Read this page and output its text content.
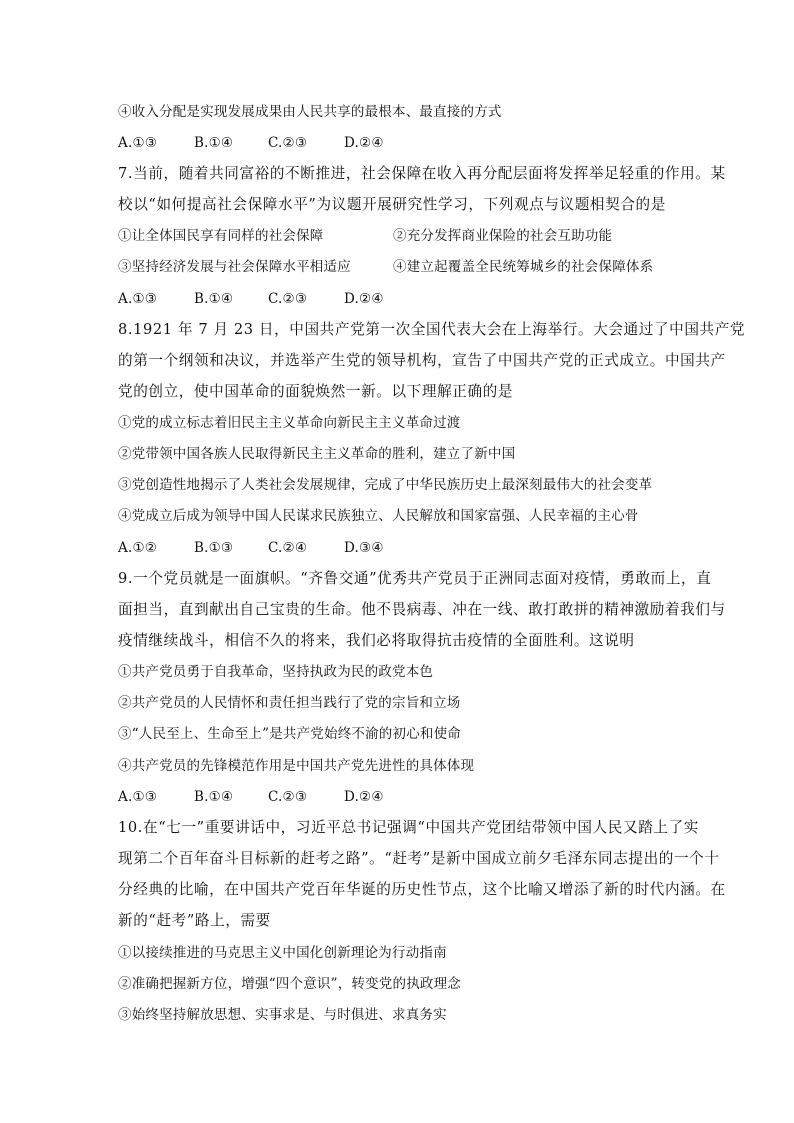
④收入分配是实现发展成果由人民共享的最根本、最直接的方式
A.①③	B.①④	C.②③	D.②④
7.当前，随着共同富裕的不断推进，社会保障在收入再分配层面将发挥举足轻重的作用。某
校以“如何提高社会保障水平”为议题开展研究性学习，下列观点与议题相契合的是
①让全体国民享有同样的社会保障	②充分发挥商业保险的社会互助功能
③坚持经济发展与社会保障水平相适应	④建立起覆盖全民统筹城乡的社会保障体系
A.①③	B.①④	C.②③	D.②④
8.1921 年 7 月 23 日，中国共产党第一次全国代表大会在上海举行。大会通过了中国共产党
的第一个纲领和决议，并选举产生党的领导机构，宣告了中国共产党的正式成立。中国共产
党的创立，使中国革命的面貌焕然一新。以下理解正确的是
①党的成立标志着旧民主主义革命向新民主主义革命过渡
②党带领中国各族人民取得新民主主义革命的胜利，建立了新中国
③党创造性地揭示了人类社会发展规律，完成了中华民族历史上最深刻最伟大的社会变革
④党成立后成为领导中国人民谋求民族独立、人民解放和国家富强、人民幸福的主心骨
A.①②	B.①③	C.②④	D.③④
9.一个党员就是一面旗帜。“齐鲁交通”优秀共产党员于正洲同志面对疫情，勇敢而上，直
面担当，直到献出自己宝贵的生命。他不畏病毒、冲在一线、敢打敢拼的精神激励着我们与
疫情继续战斗，相信不久的将来，我们必将取得抗击疫情的全面胜利。这说明
①共产党员勇于自我革命，坚持执政为民的政党本色
②共产党员的人民情怀和责任担当践行了党的宗旨和立场
③“人民至上、生命至上”是共产党始终不渝的初心和使命
④共产党员的先锋模范作用是中国共产党先进性的具体体现
A.①③	B.①④	C.②③	D.②④
10.在“七一”重要讲话中，习近平总书记强调“中国共产党团结带领中国人民又踏上了实
现第二个百年奋斗目标新的赶考之路”。“赶考”是新中国成立前夕毛泽东同志提出的一个十
分经典的比喻，在中国共产党百年华诞的历史性节点，这个比喻又增添了新的时代内涵。在
新的“赶考”路上，需要
①以接续推进的马克思主义中国化创新理论为行动指南
②准确把握新方位，增强“四个意识”，转变党的执政理念
③始终坚持解放思想、实事求是、与时俱进、求真务实
